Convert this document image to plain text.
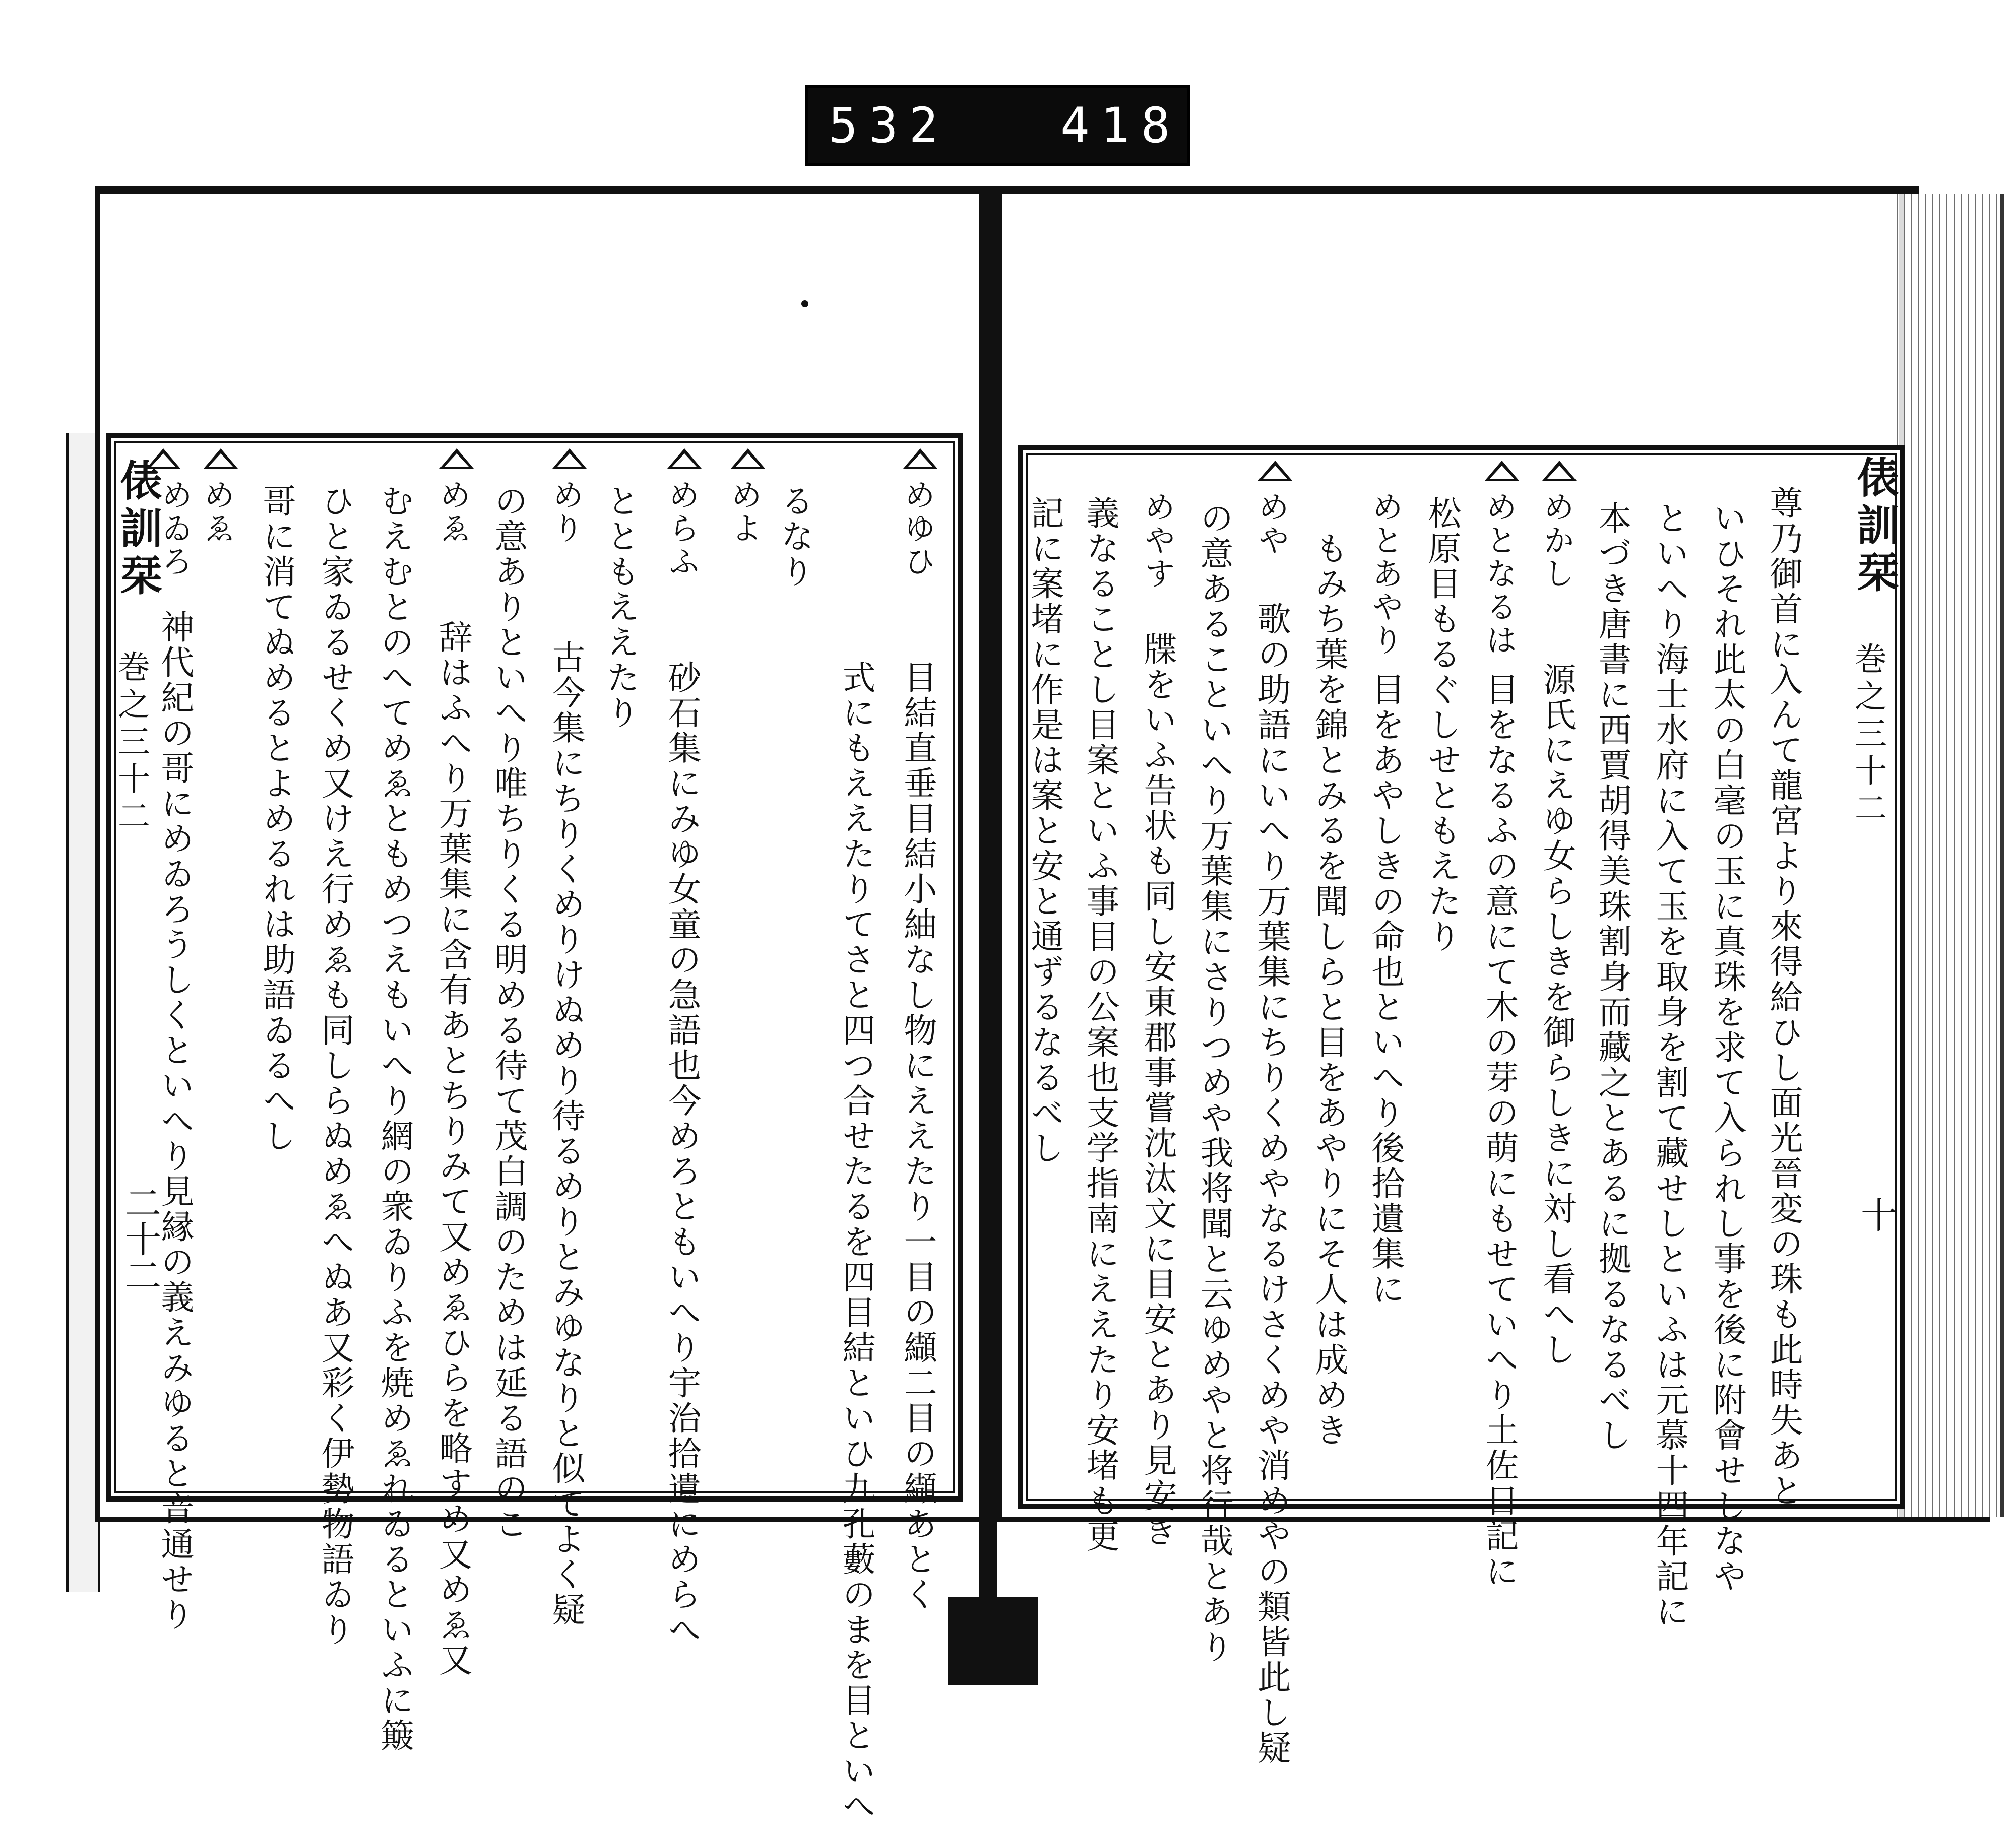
532 418.
俵訓栞
巻之三十二
二十二
めゆひ
目結直垂目結小紬なし物にええたり一目の纈二目の纈あとく
式にもええたりてさと四つ合せたるを四目結といひ九孔藪のまを目といへ
るなり
めよ
めらふ
砂石集にみゆ女童の急語也今めろともいへり宇治拾遺にめらへ
とともええたり
めり
古今集にちりくめりけぬめり待るめりとみゆなりと似てよく疑
の意ありといへり唯ちりくる明める待て茂白調のためは延る語のこ
めゑ
辞はふへり万葉集に含有あとちりみて又めゑひらを略すめ又めゑ又
むえむとのへてめゑともめつえもいへり網の衆ゐりふを焼めゑれゐるといふに簸
ひと家ゐるせくめ又けえ行めゑも同しらぬめゑへぬあ又彩く伊勢物語ゐり
哥に消てぬめるとよめるれは助語ゐるへし
めゑ
めゐろ
神代紀の哥にめゐろうしくといへり見縁の義えみゆると音通せり
俵訓栞
巻之三十二
十
尊乃御首に入んて龍宮より來得給ひし面光晉変の珠も此時失あと
いひそれ此太の白毫の玉に真珠を求て入られし事を後に附會せしなや
といへり海士水府に入て玉を取身を割て藏せしといふは元慕十四年記に
本づき唐書に西賈胡得美珠割身而藏之とあるに拠るなるべし
めかし
源氏にえゆ女らしきを御らしきに対し看へし
めとなるは
目をなるふの意にて木の芽の萌にもせていへり土佐日記に
松原目もるぐしせともえたり
めとあやり
目をあやしきの命也といへり後拾遺集に
もみち葉を錦とみるを聞しらと目をあやりにそ人は成めき
めや
歌の助語にいへり万葉集にちりくめやなるけさくめや消めやの類皆此し疑
の意あることいへり万葉集にさりつめや我将聞と云ゆめやと将行哉とあり
めやす
牒をいふ告状も同し安東郡事嘗沈汰文に目安とあり見安き
義なることし目案といふ事目の公案也支学指南にええたり安堵も更
記に案堵に作是は案と安と通ずるなるべし
